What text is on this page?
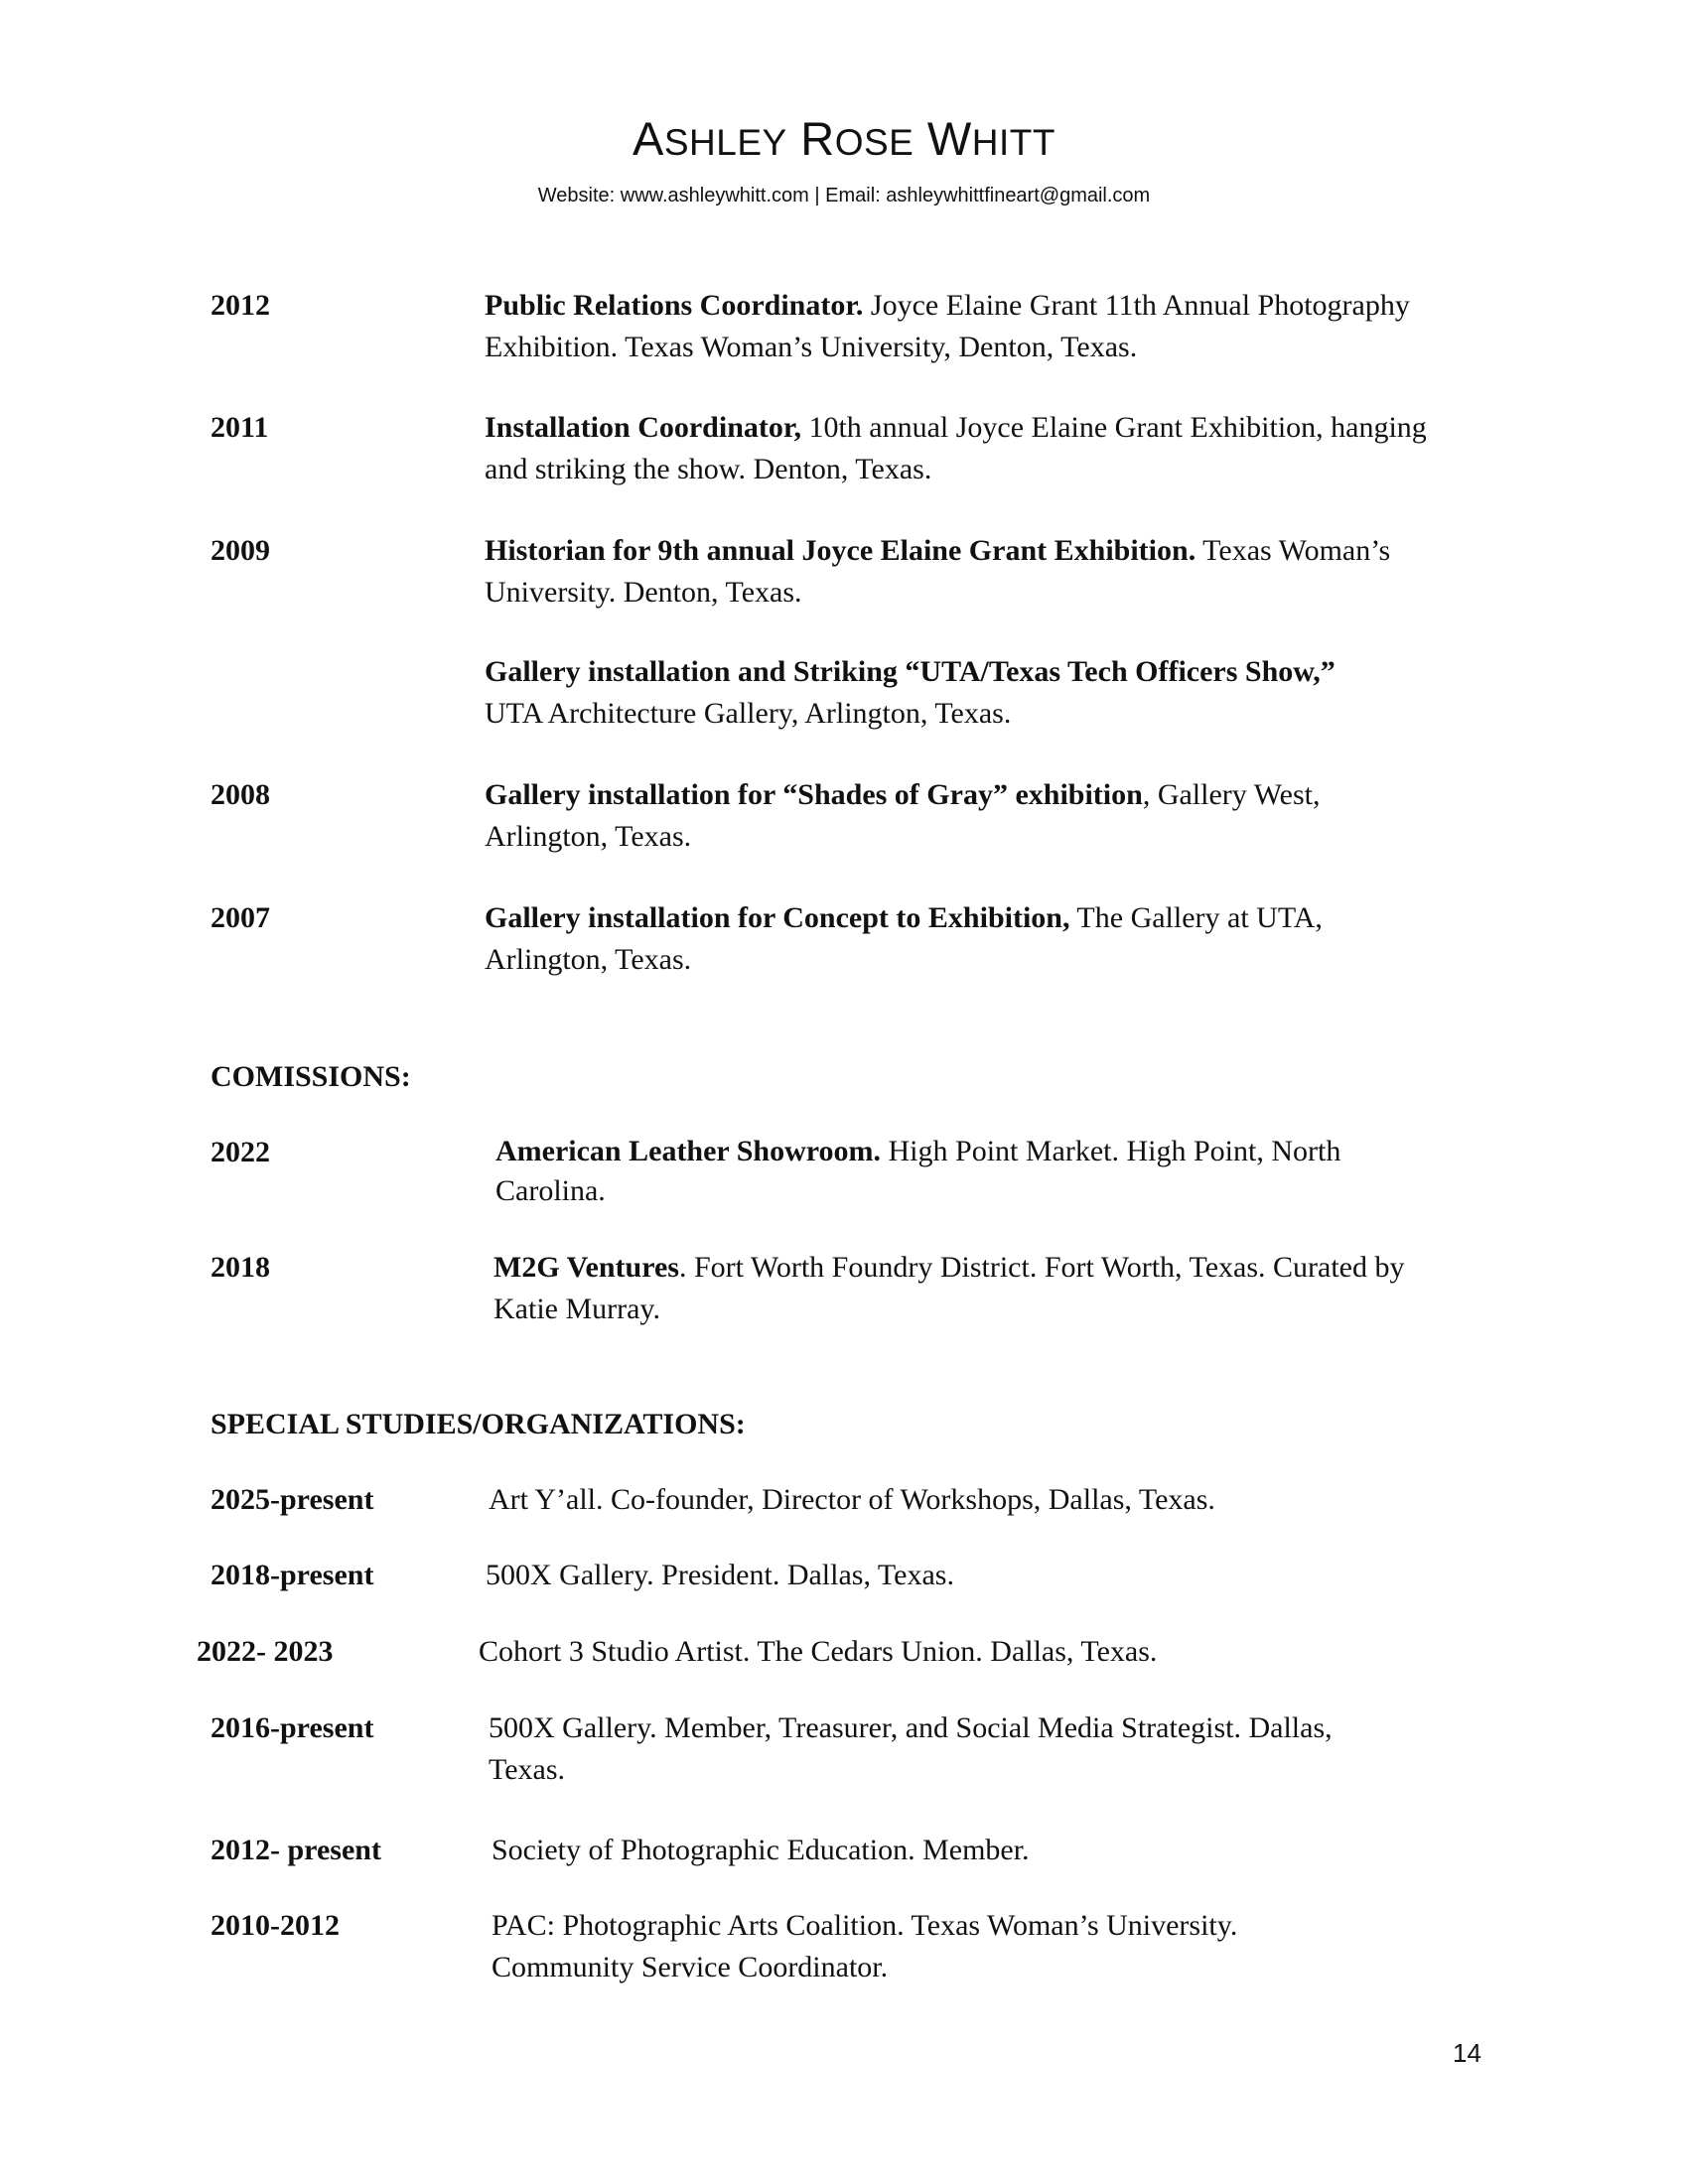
ASHLEY ROSE WHITT
Website: www.ashleywhitt.com | Email: ashleywhittfineart@gmail.com
2012	Public Relations Coordinator. Joyce Elaine Grant 11th Annual Photography Exhibition. Texas Woman’s University, Denton, Texas.
2011	Installation Coordinator, 10th annual Joyce Elaine Grant Exhibition, hanging and striking the show. Denton, Texas.
2009	Historian for 9th annual Joyce Elaine Grant Exhibition. Texas Woman’s University. Denton, Texas.
Gallery installation and Striking “UTA/Texas Tech Officers Show,” UTA Architecture Gallery, Arlington, Texas.
2008	Gallery installation for “Shades of Gray” exhibition, Gallery West, Arlington, Texas.
2007	Gallery installation for Concept to Exhibition, The Gallery at UTA, Arlington, Texas.
COMISSIONS:
2022	American Leather Showroom. High Point Market. High Point, North Carolina.
2018	M2G Ventures. Fort Worth Foundry District. Fort Worth, Texas. Curated by Katie Murray.
SPECIAL STUDIES/ORGANIZATIONS:
2025-present	Art Y’all. Co-founder, Director of Workshops, Dallas, Texas.
2018-present	500X Gallery. President. Dallas, Texas.
2022- 2023	Cohort 3 Studio Artist. The Cedars Union. Dallas, Texas.
2016-present	500X Gallery. Member, Treasurer, and Social Media Strategist. Dallas, Texas.
2012- present	Society of Photographic Education. Member.
2010-2012	PAC: Photographic Arts Coalition. Texas Woman’s University. Community Service Coordinator.
14
